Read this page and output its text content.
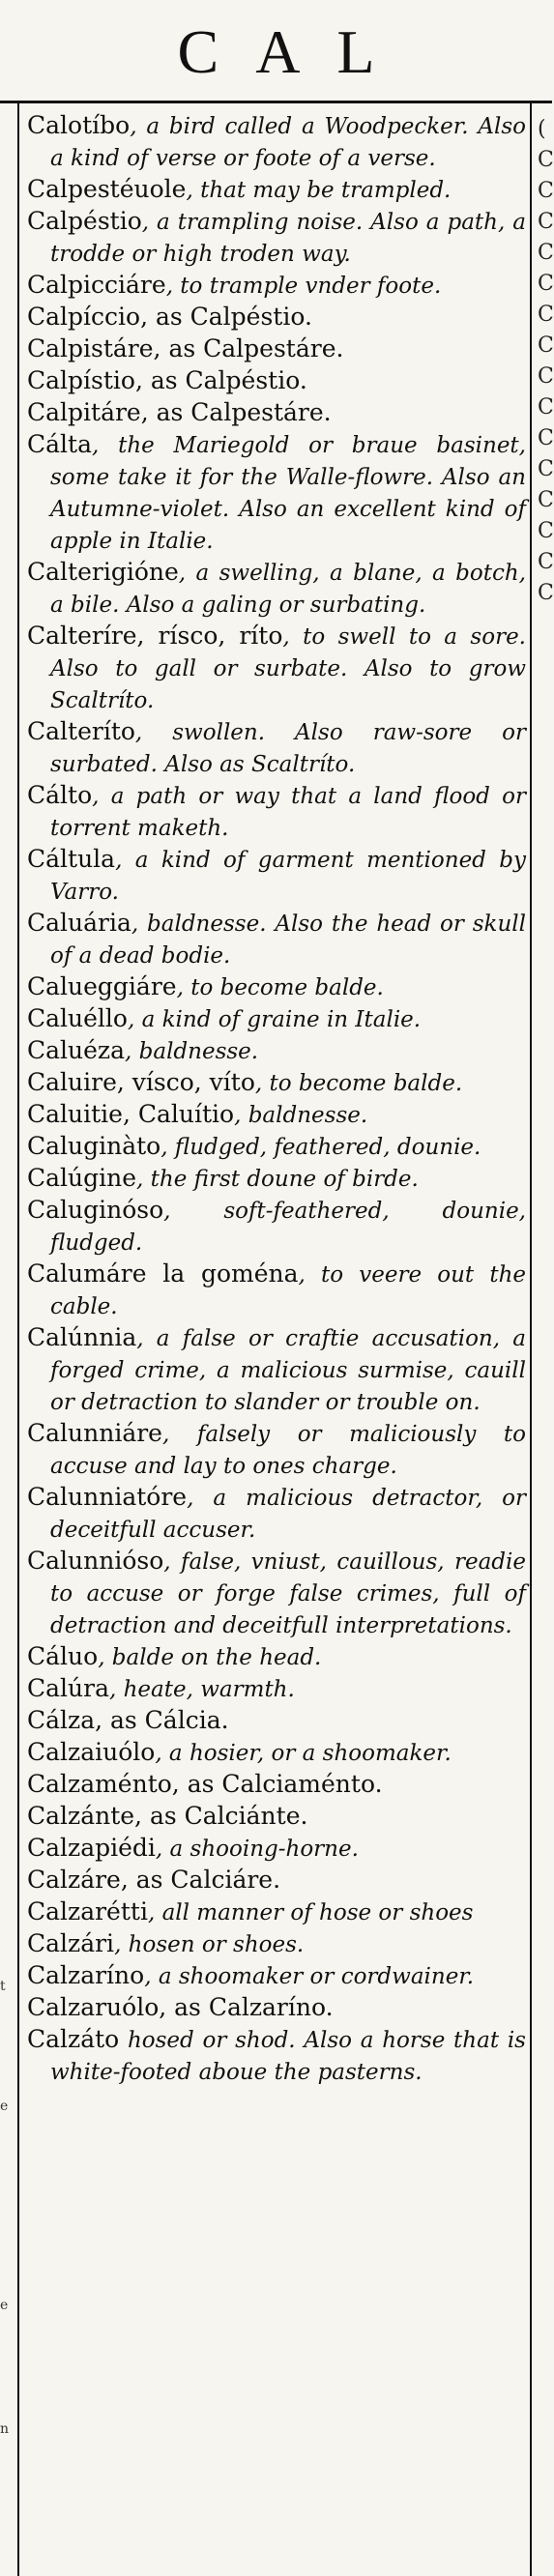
CAL
(
C
C
C
C
C
C
C
C
C
C
C
C
C
C
C
t
e
e
n
Calotíbo, a bird called a Woodpecker. Also a kind of verse or foote of a verse.
Calpestéuole, that may be trampled.
Calpéstio, a trampling noise. Also a path, a trodde or high troden way.
Calpicciáre, to trample vnder foote.
Calpíccio, as Calpéstio.
Calpistáre, as Calpestáre.
Calpístio, as Calpéstio.
Calpitáre, as Calpestáre.
Cálta, the Mariegold or braue basinet, some take it for the Walle-flowre. Also an Autumne-violet. Also an excellent kind of apple in Italie.
Calterigióne, a swelling, a blane, a botch, a bile. Also a galing or surbating.
Calteríre, rísco, ríto, to swell to a sore. Also to gall or surbate. Also to grow Scaltríto.
Calteríto, swollen. Also raw-sore or surbated. Also as Scaltríto.
Cálto, a path or way that a land flood or torrent maketh.
Cáltula, a kind of garment mentioned by Varro.
Caluária, baldnesse. Also the head or skull of a dead bodie.
Calueggiáre, to become balde.
Caluéllo, a kind of graine in Italie.
Caluéza, baldnesse.
Caluire, vísco, víto, to become balde.
Caluitie, Caluítio, baldnesse.
Caluginàto, fludged, feathered, dounie.
Calúgine, the first doune of birde.
Caluginóso, soft-feathered, dounie, fludged.
Calumáre la goména, to veere out the cable.
Calúnnia, a false or craftie accusation, a forged crime, a malicious surmise, cauill or detraction to slander or trouble on.
Calunniáre, falsely or maliciously to accuse and lay to ones charge.
Calunniatóre, a malicious detractor, or deceitfull accuser.
Calunnióso, false, vniust, cauillous, readie to accuse or forge false crimes, full of detraction and deceitfull interpretations.
Cáluo, balde on the head.
Calúra, heate, warmth.
Cálza, as Cálcia.
Calzaiuólo, a hosier, or a shoomaker.
Calzaménto, as Calciaménto.
Calzánte, as Calciánte.
Calzapiédi, a shooing-horne.
Calzáre, as Calciáre.
Calzarétti, all manner of hose or shoes
Calzári, hosen or shoes.
Calzaríno, a shoomaker or cordwainer.
Calzaruólo, as Calzaríno.
Calzáto hosed or shod. Also a horse that is white-footed aboue the pasterns.
